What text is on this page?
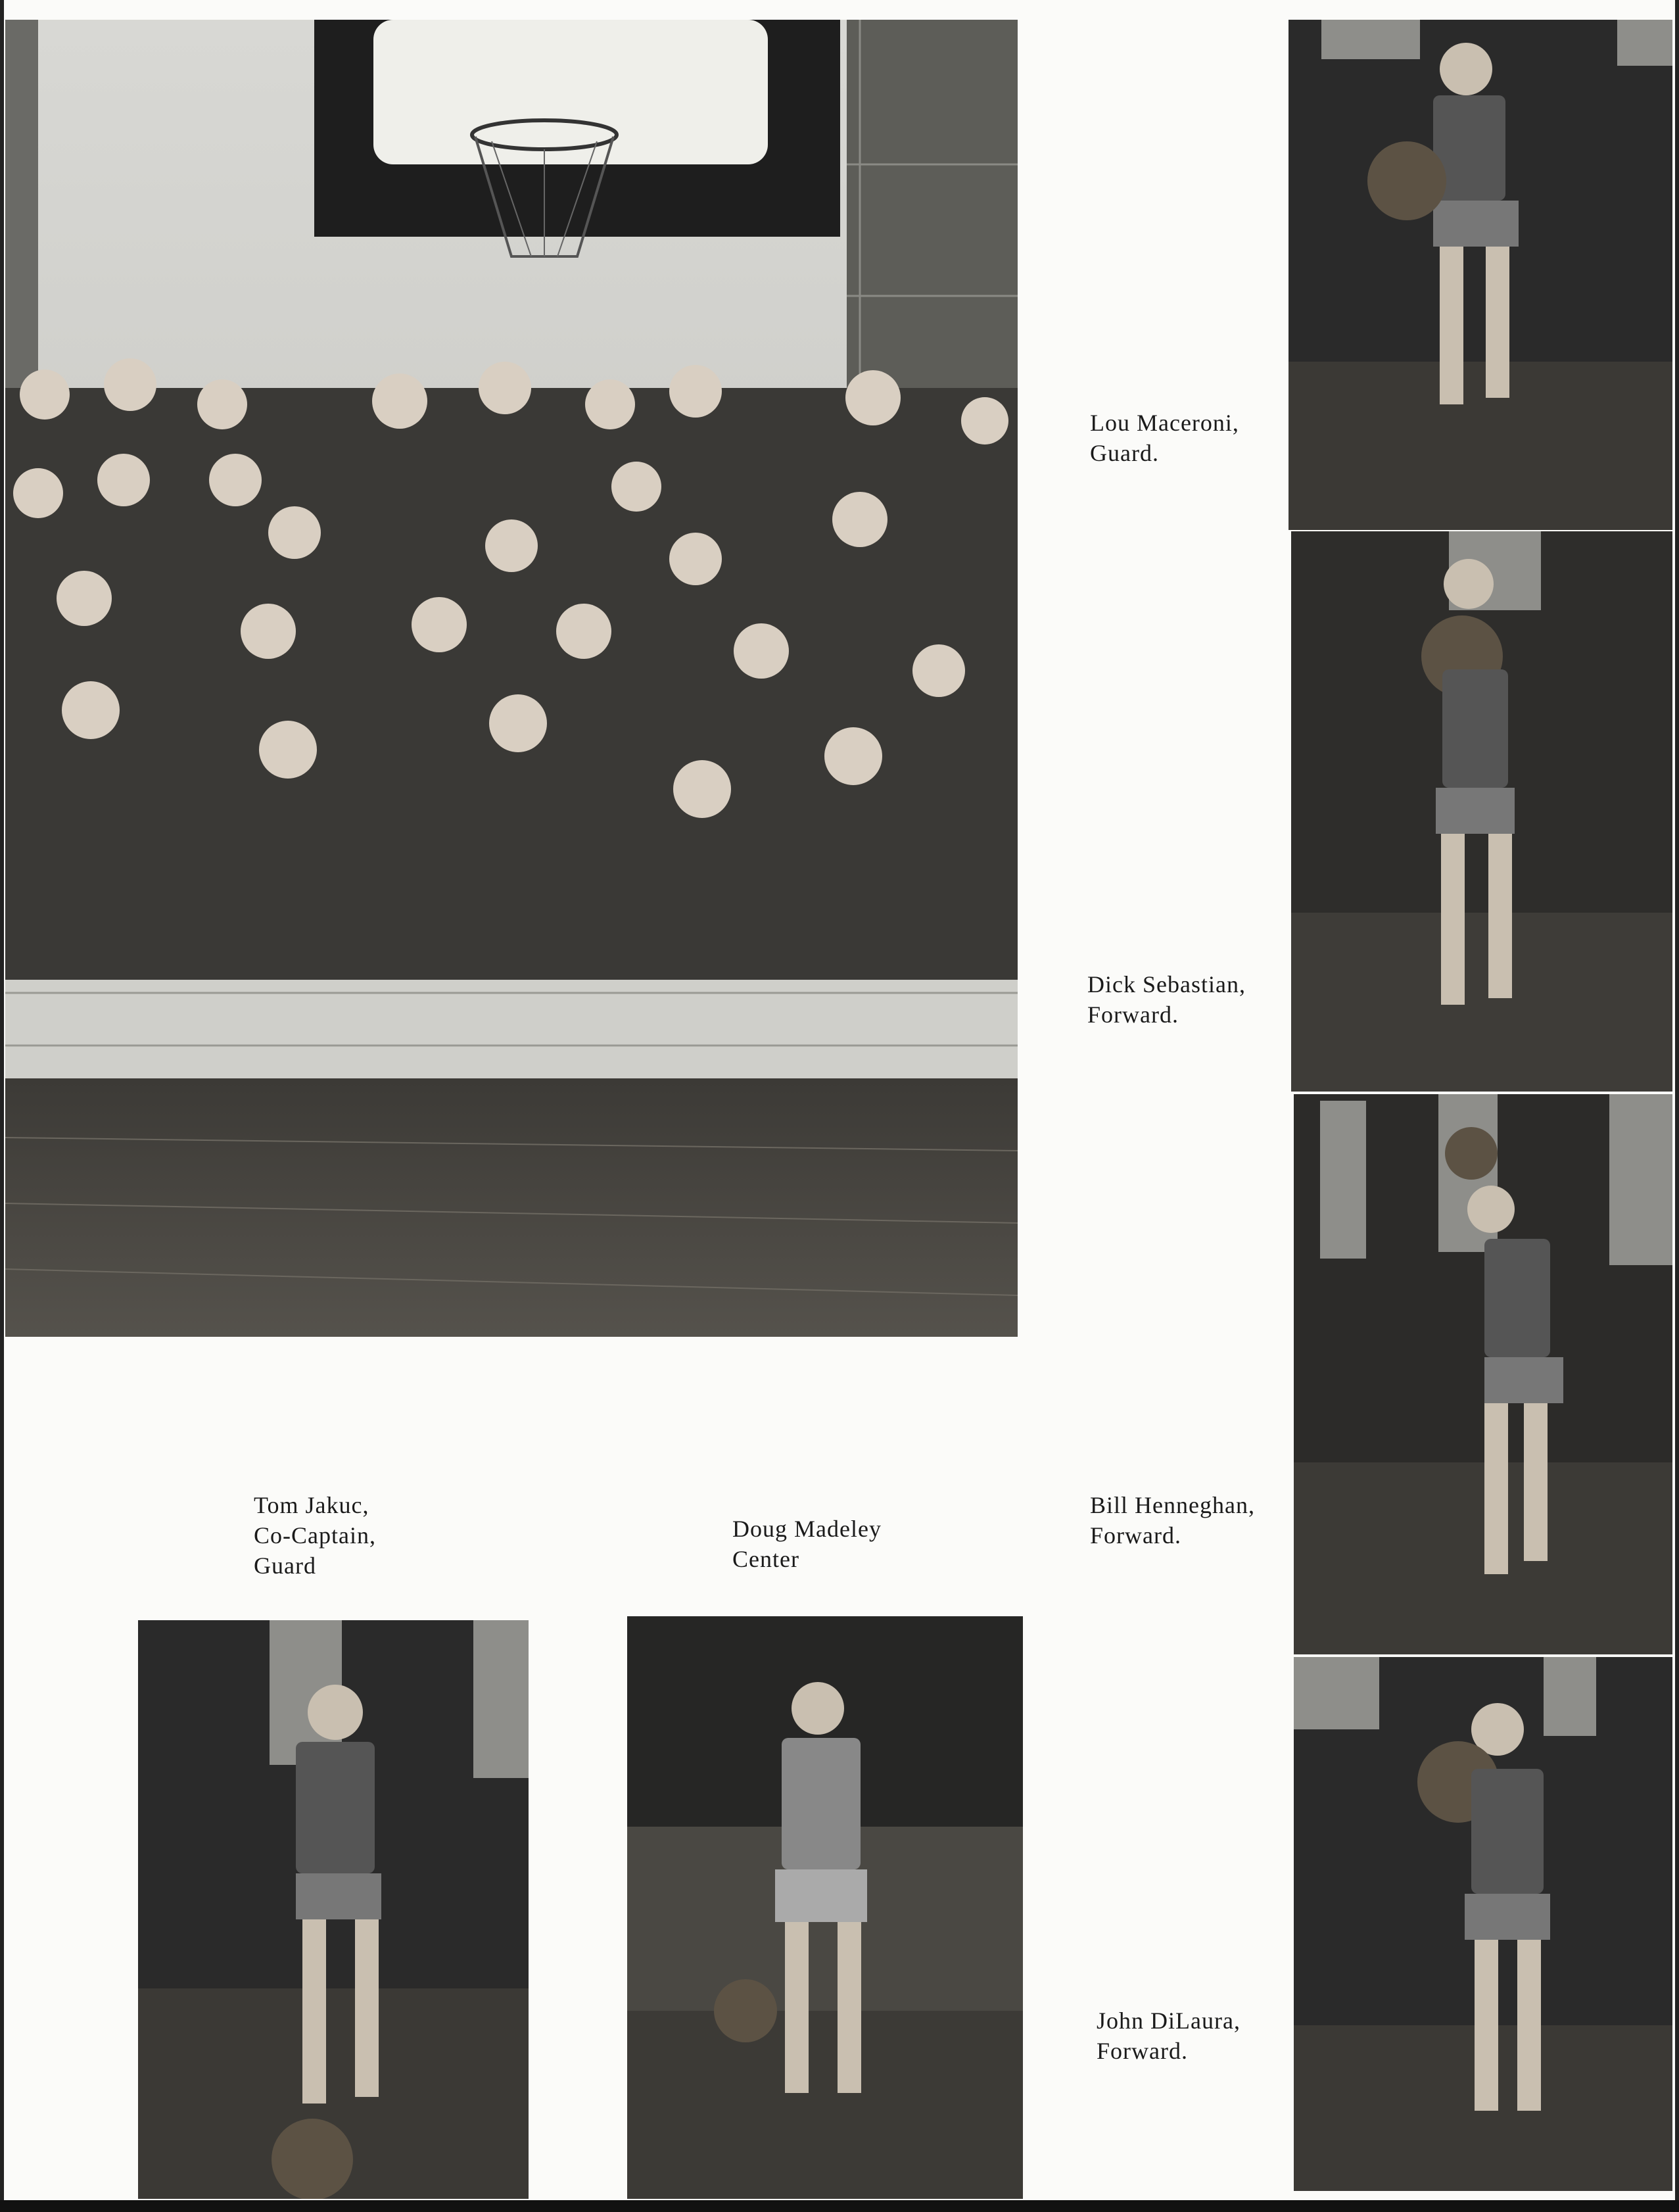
Lou Maceroni,
Guard.
Dick Sebastian,
Forward.
Bill Henneghan,
Forward.
John DiLaura,
Forward.
Tom Jakuc,
Co-Captain,
Guard
Doug Madeley
Center
